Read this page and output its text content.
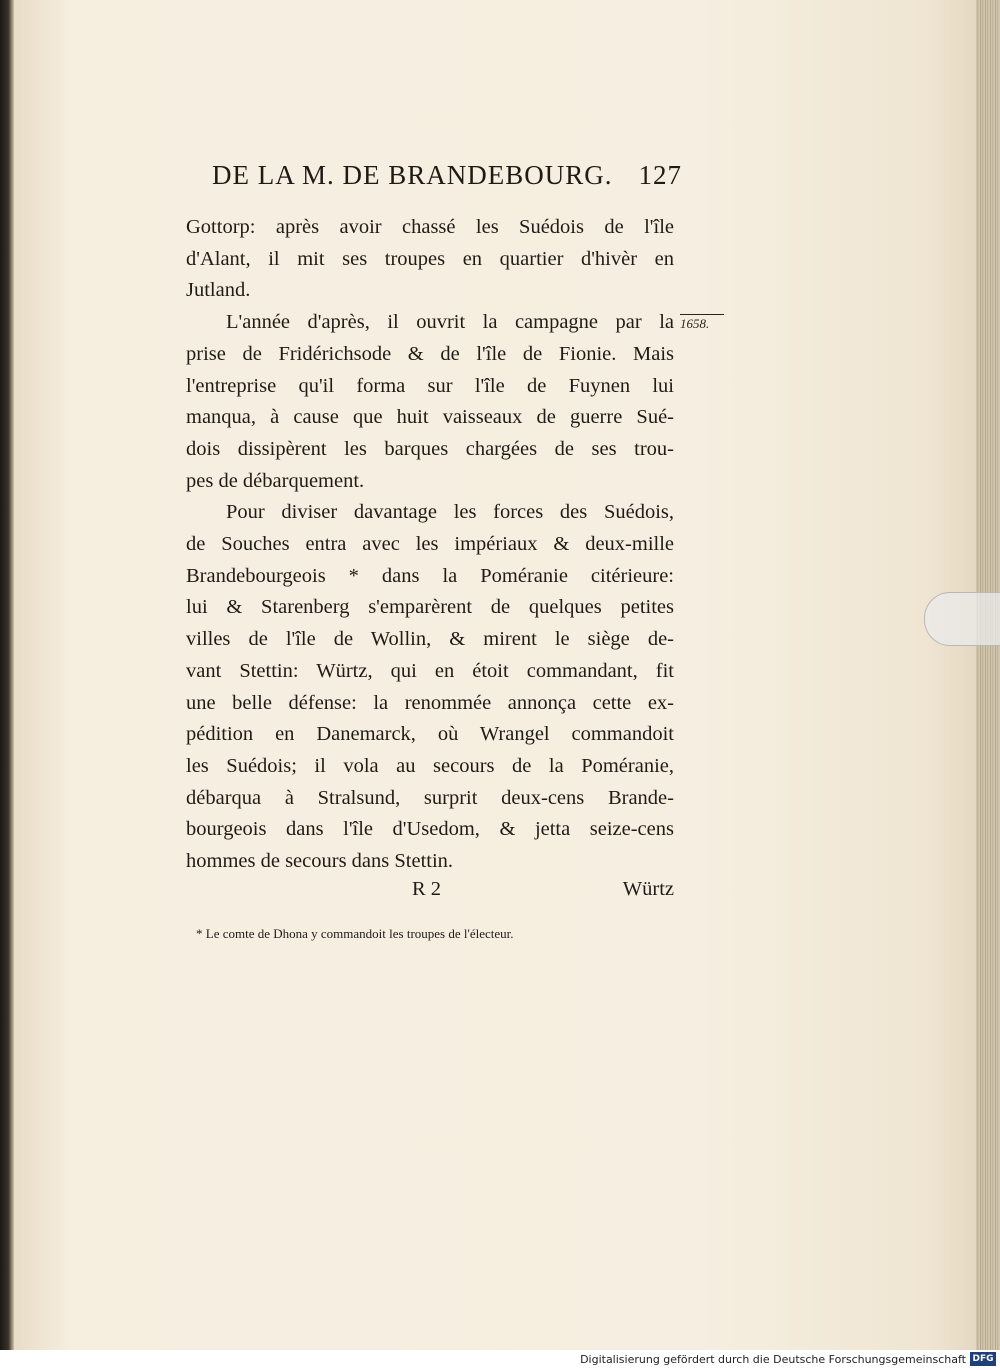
DE LA M. DE BRANDEBOURG. 127
1658.
Gottorp: après avoir chassé les Suédois de l'île
d'Alant, il mit ses troupes en quartier d'hivèr en
Jutland.
L'année d'après, il ouvrit la campagne par la
prise de Fridérichsode & de l'île de Fionie. Mais
l'entreprise qu'il forma sur l'île de Fuynen lui
manqua, à cause que huit vaisseaux de guerre Sué-
dois dissipèrent les barques chargées de ses trou-
pes de débarquement.
Pour diviser davantage les forces des Suédois,
de Souches entra avec les impériaux & deux-mille
Brandebourgeois * dans la Poméranie citérieure:
lui & Starenberg s'emparèrent de quelques petites
villes de l'île de Wollin, & mirent le siège de-
vant Stettin: Würtz, qui en étoit commandant, fit
une belle défense: la renommée annonça cette ex-
pédition en Danemarck, où Wrangel commandoit
les Suédois; il vola au secours de la Poméranie,
débarqua à Stralsund, surprit deux-cens Brande-
bourgeois dans l'île d'Usedom, & jetta seize-cens
hommes de secours dans Stettin.
R 2	Würtz
* Le comte de Dhona y commandoit les troupes de l'électeur.
Digitalisierung gefördert durch die Deutsche Forschungsgemeinschaft DFG
